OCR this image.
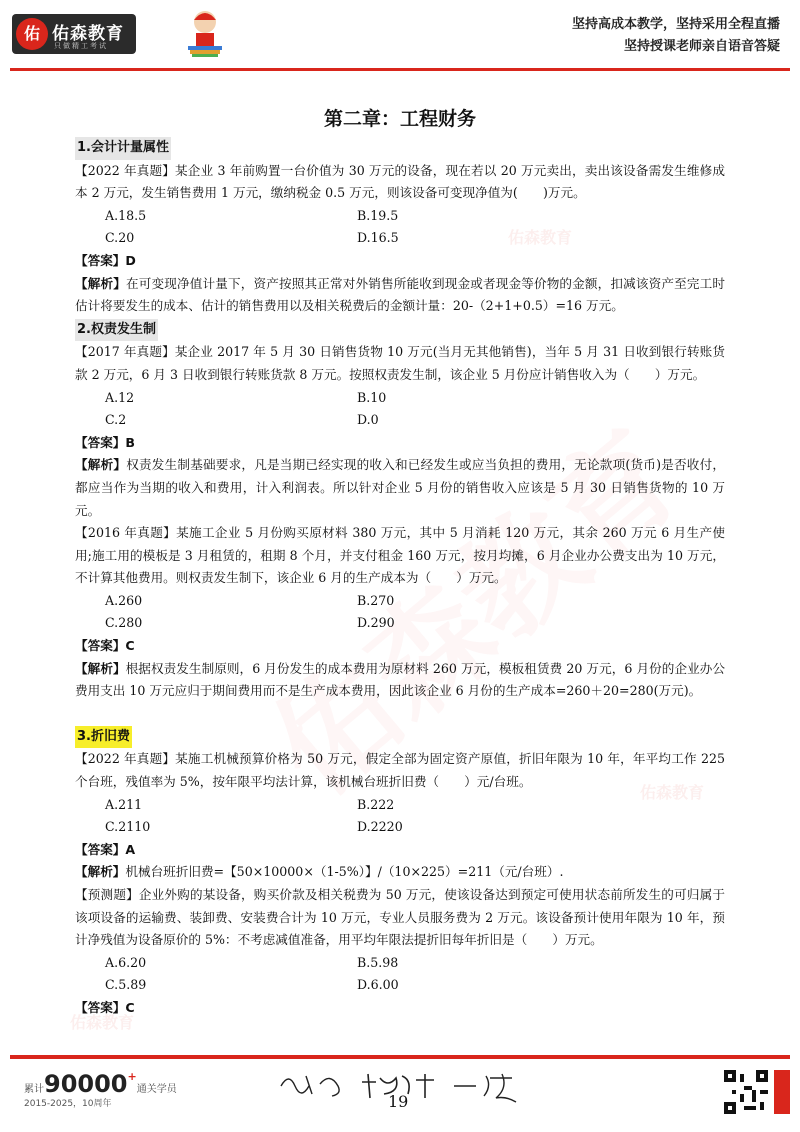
佑 佑森教育
只做精工考试
坚持高成本教学，坚持采用全程直播
坚持授课老师亲自语音答疑
佑森教育
佑森教育
佑森教育
第二章：工程财务
1.会计计量属性

【2022 年真题】某企业 3 年前购置一台价值为 30 万元的设备，现在若以 20 万元卖出，卖出该设备需发生维修成本 2 万元，发生销售费用 1 万元，缴纳税金 0.5 万元，则该设备可变现净值为(　　)万元。

A.18.5	B.19.5
C.20	D.16.5
【答案】D

【解析】在可变现净值计量下，资产按照其正常对外销售所能收到现金或者现金等价物的金额，扣减该资产至完工时估计将要发生的成本、估计的销售费用以及相关税费后的金额计量：20-（2+1+0.5）=16 万元。

2.权责发生制

【2017 年真题】某企业 2017 年 5 月 30 日销售货物 10 万元(当月无其他销售)，当年 5 月 31 日收到银行转账货款 2 万元，6 月 3 日收到银行转账货款 8 万元。按照权责发生制，该企业 5 月份应计销售收入为（　　）万元。

A.12	B.10
C.2	D.0
【答案】B

【解析】权责发生制基础要求，凡是当期已经实现的收入和已经发生或应当负担的费用，无论款项(货币)是否收付，都应当作为当期的收入和费用，计入利润表。所以针对企业 5 月份的销售收入应该是 5 月 30 日销售货物的 10 万元。

【2016 年真题】某施工企业 5 月份购买原材料 380 万元，其中 5 月消耗 120 万元，其余 260 万元 6 月生产使用;施工用的模板是 3 月租赁的，租期 8 个月，并支付租金 160 万元，按月均摊，6 月企业办公费支出为 10 万元，不计算其他费用。则权责发生制下，该企业 6 月的生产成本为（　　）万元。

A.260	B.270
C.280	D.290
【答案】C

【解析】根据权责发生制原则，6 月份发生的成本费用为原材料 260 万元，模板租赁费 20 万元，6 月份的企业办公费用支出 10 万元应归于期间费用而不是生产成本费用，因此该企业 6 月份的生产成本=260＋20=280(万元)。

3.折旧费

【2022 年真题】某施工机械预算价格为 50 万元，假定全部为固定资产原值，折旧年限为 10 年，年平均工作 225 个台班，残值率为 5%，按年限平均法计算，该机械台班折旧费（　　）元/台班。

A.211	B.222
C.2110	D.2220
【答案】A

【解析】机械台班折旧费=【50×10000×（1-5%）】/（10×225）=211（元/台班）.

【预测题】企业外购的某设备，购买价款及相关税费为 50 万元，使该设备达到预定可使用状态前所发生的可归属于该项设备的运输费、装卸费、安装费合计为 10 万元，专业人员服务费为 2 万元。该设备预计使用年限为 10 年，预计净残值为设备原价的 5%：不考虑减值准备，用平均年限法提折旧每年折旧是（　　）万元。

A.6.20	B.5.98
C.5.89	D.6.00
【答案】C
累计90000+通关学员
2015-2025，10周年	19
